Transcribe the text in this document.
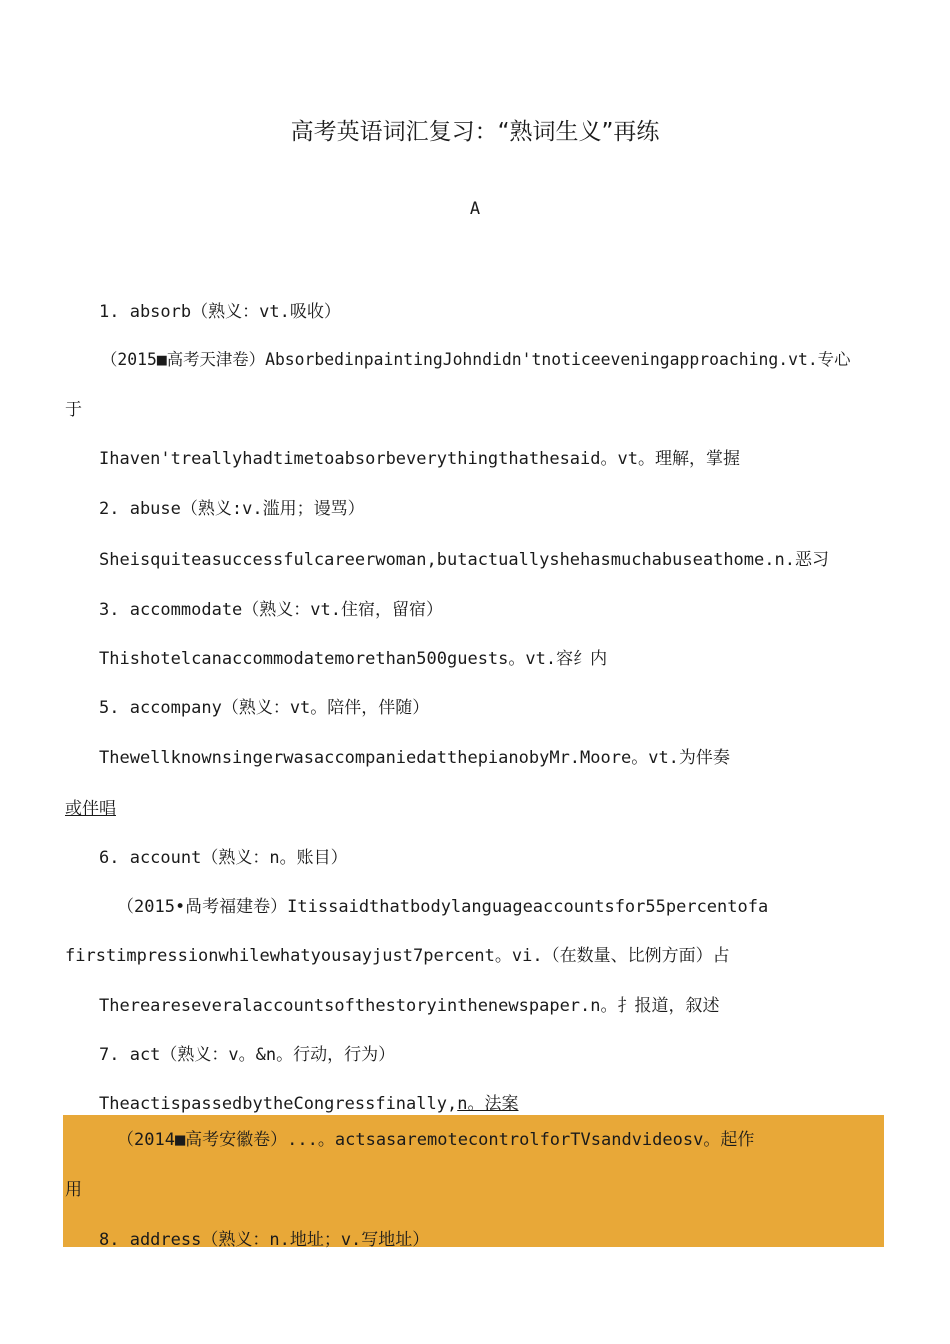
高考英语词汇复习：“熟词生义”再练
A
1. absorb（熟义：vt.吸收）
（2015■高考天津卷）AbsorbedinpaintingJohndidn'tnoticeeveningapproaching.vt.专心
于
Ihaven'treallyhadtimetoabsorbeverythingthathesaid。vt。理解，掌握
2. abuse（熟义:v.滥用；谩骂）
Sheisquiteasuccessfulcareerwoman,butactuallyshehasmuchabuseathome.n.恶习
3. accommodate（熟义：vt.住宿，留宿）
Thishotelcanaccommodatemorethan500guests。vt.容纟内
5. accompany（熟义：vt。陪伴，伴随）
ThewellknownsingerwasaccompaniedatthepianobyMr.Moore。vt.为伴奏
或伴唱
6. account（熟义：n。账目）
（2015•咼考福建卷）Itissaidthatbodylanguageaccountsfor55percentofa
firstimpressionwhilewhatyousayjust7percent。vi.（在数量、比例方面）占
Thereareseveralaccountsofthestoryinthenewspaper.n。扌报道，叙述
7. act（熟义：v。&n。行动，行为）
TheactispassedbytheCongressfinally,n。法案
（2014■高考安徽卷）...。actsasaremotecontrolforTVsandvideosv。起作
用
8. address（熟义：n.地址；v.写地址）
